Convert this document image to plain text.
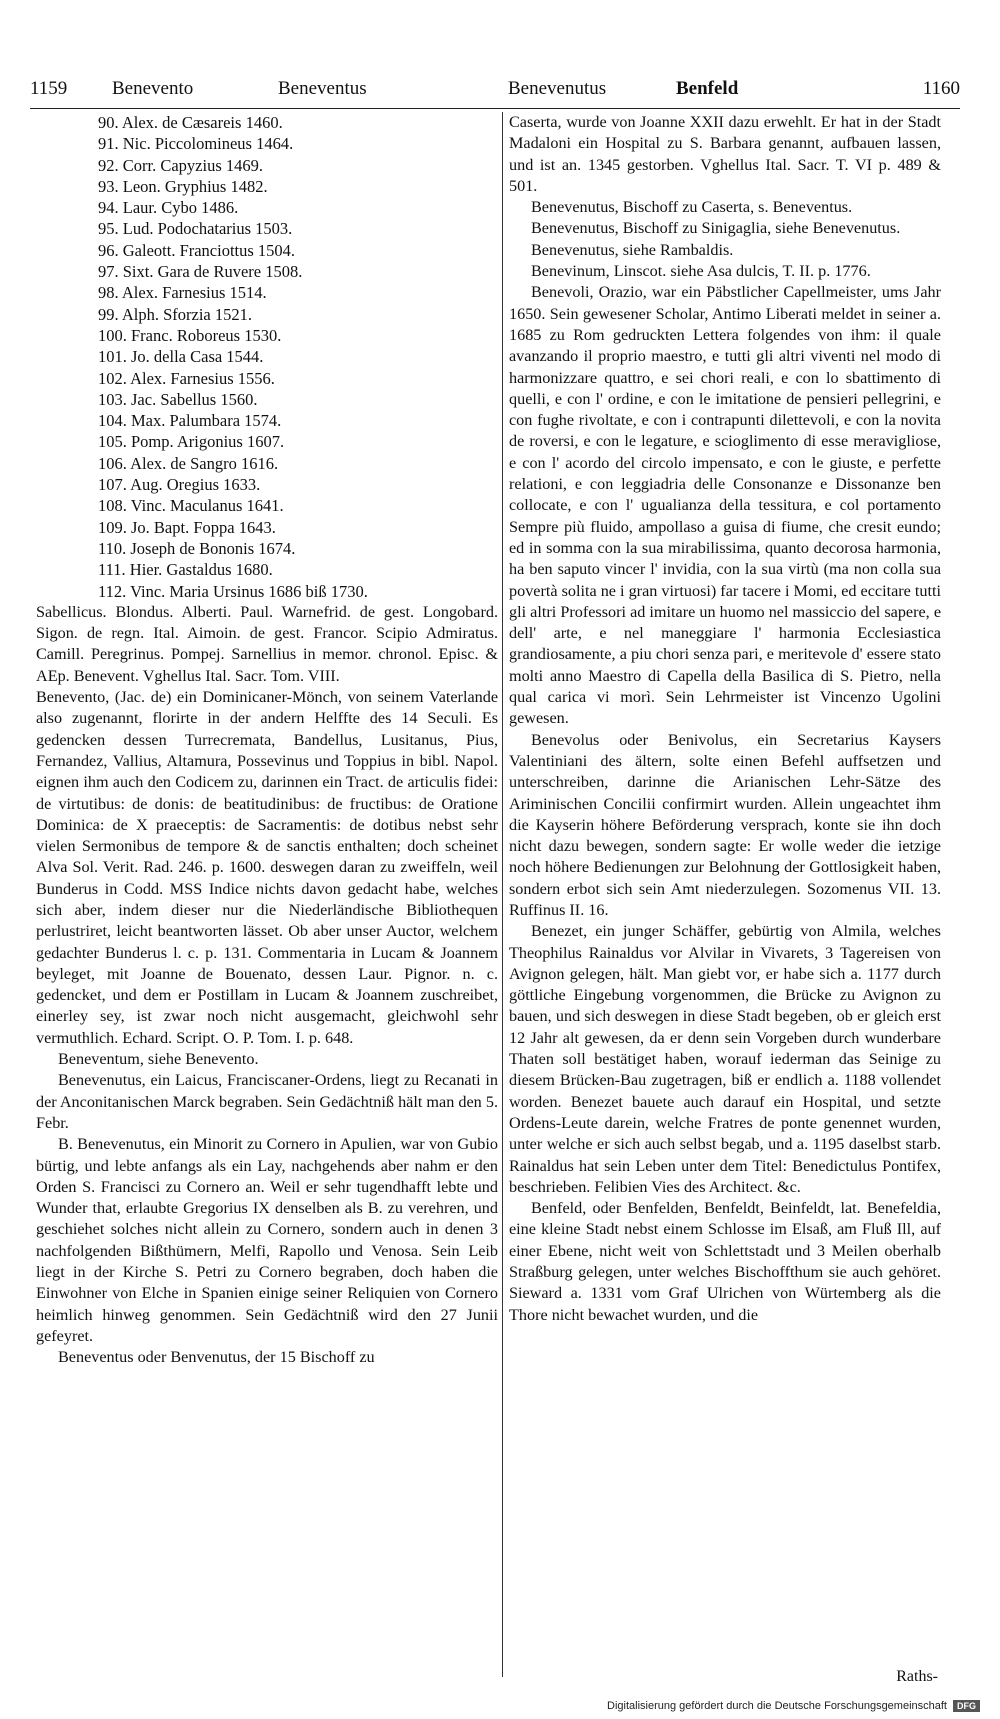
1159 Benevento	Beneventus	Benevenutus	Benfeld	1160
90. Alex. de Cæsareis 1460.
91. Nic. Piccolomineus 1464.
92. Corr. Capyzius 1469.
93. Leon. Gryphius 1482.
94. Laur. Cybo 1486.
95. Lud. Podochatarius 1503.
96. Galeott. Franciottus 1504.
97. Sixt. Gara de Ruvere 1508.
98. Alex. Farnesius 1514.
99. Alph. Sforzia 1521.
100. Franc. Roboreus 1530.
101. Jo. della Casa 1544.
102. Alex. Farnesius 1556.
103. Jac. Sabellus 1560.
104. Max. Palumbara 1574.
105. Pomp. Arigonius 1607.
106. Alex. de Sangro 1616.
107. Aug. Oregius 1633.
108. Vinc. Maculanus 1641.
109. Jo. Bapt. Foppa 1643.
110. Joseph de Bononis 1674.
111. Hier. Gastaldus 1680.
112. Vinc. Maria Ursinus 1686 biß 1730.

Sabellicus. Blondus. Alberti. Paul. Warnefrid. de gest. Longobard. Sigon. de regn. Ital. Aimoin. de gest. Francor. Scipio Admiratus. Camill. Peregrinus. Pompej. Sarnellius in memor. chronol. Episc. & AEp. Benevent. Vghellus Ital. Sacr. Tom. VIII.

Benevento, (Jac. de) ein Dominicaner-Mönch, von seinem Vaterlande also zugenannt, florirte in der andern Helffte des 14 Seculi. Es gedencken dessen Turrecremata, Bandellus, Lusitanus, Pius, Fernandez, Vallius, Altamura, Possevinus und Toppius in bibl. Napol. eignen ihm auch den Codicem zu, darinnen ein Tract. de articulis fidei: de virtutibus: de donis: de beatitudinibus: de fructibus: de Oratione Dominica: de X praeceptis: de Sacramentis: de dotibus nebst sehr vielen Sermonibus de tempore & de sanctis enthalten; doch scheinet Alva Sol. Verit. Rad. 246. p. 1600. deswegen daran zu zweiffeln, weil Bunderus in Codd. MSS Indice nichts davon gedacht habe, welches sich aber, indem dieser nur die Niederländische Bibliothequen perlustriret, leicht beantworten lässet. Ob aber unser Auctor, welchem gedachter Bunderus l. c. p. 131. Commentaria in Lucam & Joannem beyleget, mit Joanne de Bouenato, dessen Laur. Pignor. n. c. gedencket, und dem er Postillam in Lucam & Joannem zuschreibet, einerley sey, ist zwar noch nicht ausgemacht, gleichwohl sehr vermuthlich. Echard. Script. O. P. Tom. I. p. 648.

Beneventum, siehe Benevento.

Benevenutus, ein Laicus, Franciscaner-Ordens, liegt zu Recanati in der Anconitanischen Marck begraben. Sein Gedächtniß hält man den 5. Febr.

B. Benevenutus, ein Minorit zu Cornero in Apulien, war von Gubio bürtig, und lebte anfangs als ein Lay, nachgehends aber nahm er den Orden S. Francisci zu Cornero an. Weil er sehr tugendhafft lebte und Wunder that, erlaubte Gregorius IX denselben als B. zu verehren, und geschiehet solches nicht allein zu Cornero, sondern auch in denen 3 nachfolgenden Bißthümern, Melfi, Rapollo und Venosa. Sein Leib liegt in der Kirche S. Petri zu Cornero begraben, doch haben die Einwohner von Elche in Spanien einige seiner Reliquien von Cornero heimlich hinweg genommen. Sein Gedächtniß wird den 27 Junii gefeyret.

Beneventus oder Benvenutus, der 15 Bischoff zu

Caserta, wurde von Joanne XXII dazu erwehlt. Er hat in der Stadt Madaloni ein Hospital zu S. Barbara genannt, aufbauen lassen, und ist an. 1345 gestorben. Vghellus Ital. Sacr. T. VI p. 489 & 501.

Benevenutus, Bischoff zu Caserta, s. Beneventus.

Benevenutus, Bischoff zu Sinigaglia, siehe Benevenutus.

Benevenutus, siehe Rambaldis.

Benevinum, Linscot. siehe Asa dulcis, T. II. p. 1776.

Benevoli, Orazio, war ein Päbstlicher Capellmeister, ums Jahr 1650. Sein gewesener Scholar, Antimo Liberati meldet in seiner a. 1685 zu Rom gedruckten Lettera folgendes von ihm: il quale avanzando il proprio maestro, e tutti gli altri viventi nel modo di harmonizzare quattro, e sei chori reali, e con lo sbattimento di quelli, e con l' ordine, e con le imitatione de pensieri pellegrini, e con fughe rivoltate, e con i contrapunti dilettevoli, e con la novita de roversi, e con le legature, e scioglimento di esse meravigliose, e con l' acordo del circolo impensato, e con le giuste, e perfette relationi, e con leggiadria delle Consonanze e Dissonanze ben collocate, e con l' ugualianza della tessitura, e col portamento Sempre più fluido, ampollaso a guisa di fiume, che cresit eundo; ed in somma con la sua mirabilissima, quanto decorosa harmonia, ha ben saputo vincer l' invidia, con la sua virtù (ma non colla sua povertà solita ne i gran virtuosi) far tacere i Momi, ed eccitare tutti gli altri Professori ad imitare un huomo nel massiccio del sapere, e dell' arte, e nel maneggiare l' harmonia Ecclesiastica grandiosamente, a piu chori senza pari, e meritevole d' essere stato molti anno Maestro di Capella della Basilica di S. Pietro, nella qual carica vi morì. Sein Lehrmeister ist Vincenzo Ugolini gewesen.

Benevolus oder Benivolus, ein Secretarius Kaysers Valentiniani des ältern, solte einen Befehl auffsetzen und unterschreiben, darinne die Arianischen Lehr-Sätze des Ariminischen Concilii confirmirt wurden. Allein ungeachtet ihm die Kayserin höhere Beförderung versprach, konte sie ihn doch nicht dazu bewegen, sondern sagte: Er wolle weder die ietzige noch höhere Bedienungen zur Belohnung der Gottlosigkeit haben, sondern erbot sich sein Amt niederzulegen. Sozomenus VII. 13. Ruffinus II. 16.

Benezet, ein junger Schäffer, gebürtig von Almila, welches Theophilus Rainaldus vor Alvilar in Vivarets, 3 Tagereisen von Avignon gelegen, hält. Man giebt vor, er habe sich a. 1177 durch göttliche Eingebung vorgenommen, die Brücke zu Avignon zu bauen, und sich deswegen in diese Stadt begeben, ob er gleich erst 12 Jahr alt gewesen, da er denn sein Vorgeben durch wunderbare Thaten soll bestätiget haben, worauf iederman das Seinige zu diesem Brücken-Bau zugetragen, biß er endlich a. 1188 vollendet worden. Benezet bauete auch darauf ein Hospital, und setzte Ordens-Leute darein, welche Fratres de ponte genennet wurden, unter welche er sich auch selbst begab, und a. 1195 daselbst starb. Rainaldus hat sein Leben unter dem Titel: Benedictulus Pontifex, beschrieben. Felibien Vies des Architect. &c.

Benfeld, oder Benfelden, Benfeldt, Beinfeldt, lat. Benefeldia, eine kleine Stadt nebst einem Schlosse im Elsaß, am Fluß Ill, auf einer Ebene, nicht weit von Schlettstadt und 3 Meilen oberhalb Straßburg gelegen, unter welches Bischoffthum sie auch gehöret. Sieward a. 1331 vom Graf Ulrichen von Würtemberg als die Thore nicht bewachet wurden, und die

Raths-
Digitalisierung gefördert durch die Deutsche Forschungsgemeinschaft	DFG
